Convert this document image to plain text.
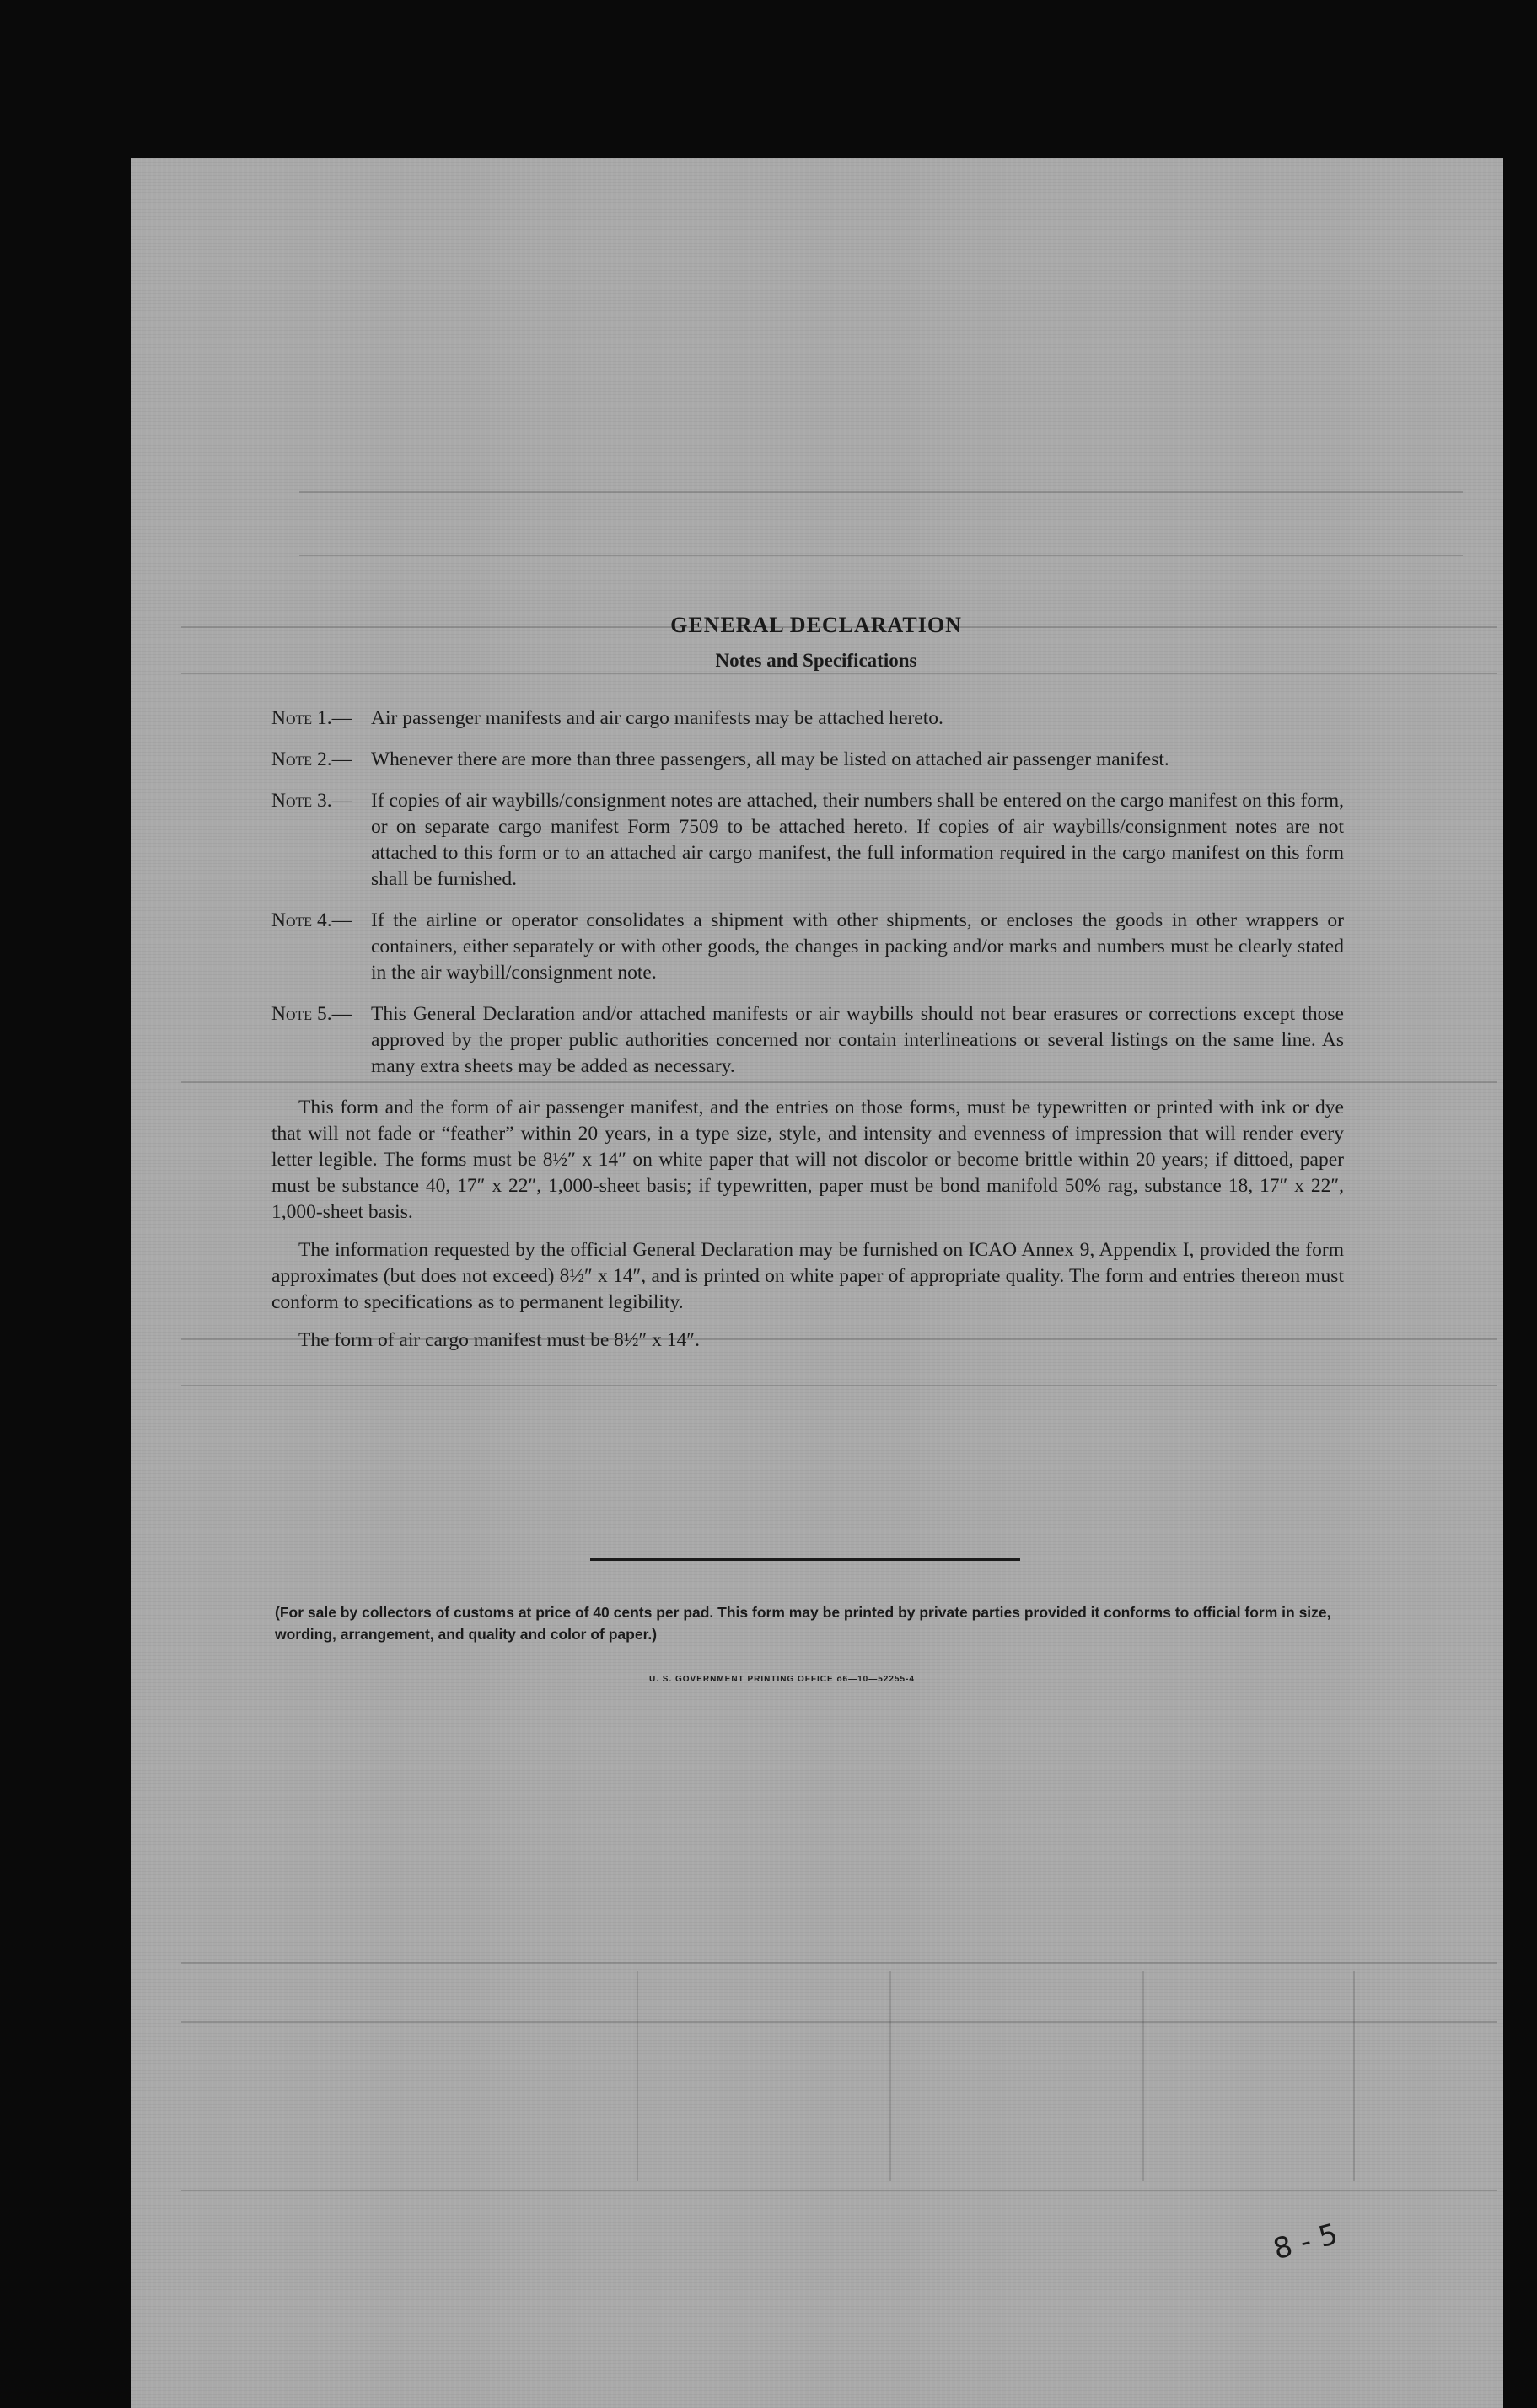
GENERAL DECLARATION
Notes and Specifications
Note 1.— Air passenger manifests and air cargo manifests may be attached hereto.
Note 2.— Whenever there are more than three passengers, all may be listed on attached air passenger manifest.
Note 3.— If copies of air waybills/consignment notes are attached, their numbers shall be entered on the cargo manifest on this form, or on separate cargo manifest Form 7509 to be attached hereto. If copies of air waybills/consignment notes are not attached to this form or to an attached air cargo manifest, the full information required in the cargo manifest on this form shall be furnished.
Note 4.— If the airline or operator consolidates a shipment with other shipments, or encloses the goods in other wrappers or containers, either separately or with other goods, the changes in packing and/or marks and numbers must be clearly stated in the air waybill/consignment note.
Note 5.— This General Declaration and/or attached manifests or air waybills should not bear erasures or corrections except those approved by the proper public authorities concerned nor contain interlineations or several listings on the same line. As many extra sheets may be added as necessary.
This form and the form of air passenger manifest, and the entries on those forms, must be typewritten or printed with ink or dye that will not fade or “feather” within 20 years, in a type size, style, and intensity and evenness of impression that will render every letter legible. The forms must be 8½″ x 14″ on white paper that will not discolor or become brittle within 20 years; if dittoed, paper must be substance 40, 17″ x 22″, 1,000-sheet basis; if typewritten, paper must be bond manifold 50% rag, substance 18, 17″ x 22″, 1,000-sheet basis.
The information requested by the official General Declaration may be furnished on ICAO Annex 9, Appendix I, provided the form approximates (but does not exceed) 8½″ x 14″, and is printed on white paper of appropriate quality. The form and entries thereon must conform to specifications as to permanent legibility.
The form of air cargo manifest must be 8½″ x 14″.
(For sale by collectors of customs at price of 40 cents per pad. This form may be printed by private parties provided it conforms to official form in size, wording, arrangement, and quality and color of paper.)
U. S. GOVERNMENT PRINTING OFFICE o6—10—52255-4
8 - 5
